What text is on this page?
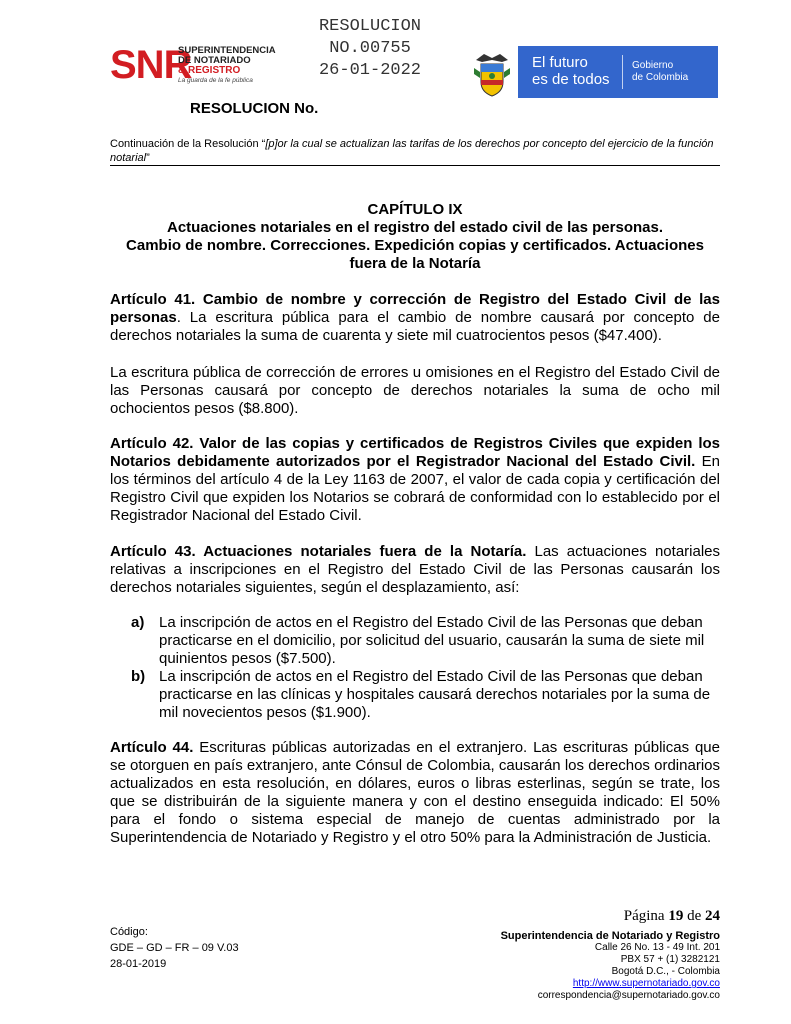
RESOLUCION
NO.00755
26-01-2022
SNR
SUPERINTENDENCIA
DE NOTARIADO
& REGISTRO
La guarda de la fe pública
RESOLUCION No.
El futuro
es de todos
Gobierno
de Colombia
Continuación de la Resolución “[p]or la cual se actualizan las tarifas de los derechos por concepto del ejercicio de la función notarial”
CAPÍTULO IX
Actuaciones notariales en el registro del estado civil de las personas.
Cambio de nombre. Correcciones. Expedición copias y certificados. Actuaciones fuera de la Notaría
Artículo 41. Cambio de nombre y corrección de Registro del Estado Civil de las personas. La escritura pública para el cambio de nombre causará por concepto de derechos notariales la suma de cuarenta y siete mil cuatrocientos pesos ($47.400).
La escritura pública de corrección de errores u omisiones en el Registro del Estado Civil de las Personas causará por concepto de derechos notariales la suma de ocho mil ochocientos pesos ($8.800).
Artículo 42. Valor de las copias y certificados de Registros Civiles que expiden los Notarios debidamente autorizados por el Registrador Nacional del Estado Civil. En los términos del artículo 4 de la Ley 1163 de 2007, el valor de cada copia y certificación del Registro Civil que expiden los Notarios se cobrará de conformidad con lo establecido por el Registrador Nacional del Estado Civil.
Artículo 43. Actuaciones notariales fuera de la Notaría. Las actuaciones notariales relativas a inscripciones en el Registro del Estado Civil de las Personas causarán los derechos notariales siguientes, según el desplazamiento, así:
a) La inscripción de actos en el Registro del Estado Civil de las Personas que deban practicarse en el domicilio, por solicitud del usuario, causarán la suma de siete mil quinientos pesos ($7.500).
b) La inscripción de actos en el Registro del Estado Civil de las Personas que deban practicarse en las clínicas y hospitales causará derechos notariales por la suma de mil novecientos pesos ($1.900).
Artículo 44. Escrituras públicas autorizadas en el extranjero. Las escrituras públicas que se otorguen en país extranjero, ante Cónsul de Colombia, causarán los derechos ordinarios actualizados en esta resolución, en dólares, euros o libras esterlinas, según se trate, los que se distribuirán de la siguiente manera y con el destino enseguida indicado: El 50% para el fondo o sistema especial de manejo de cuentas administrado por la Superintendencia de Notariado y Registro y el otro 50% para la Administración de Justicia.
Código:
GDE – GD – FR – 09 V.03
28-01-2019
Página 19 de 24
Superintendencia de Notariado y Registro
Calle 26 No. 13 - 49 Int. 201
PBX 57 + (1) 3282121
Bogotá D.C., - Colombia
http://www.supernotariado.gov.co
correspondencia@supernotariado.gov.co
